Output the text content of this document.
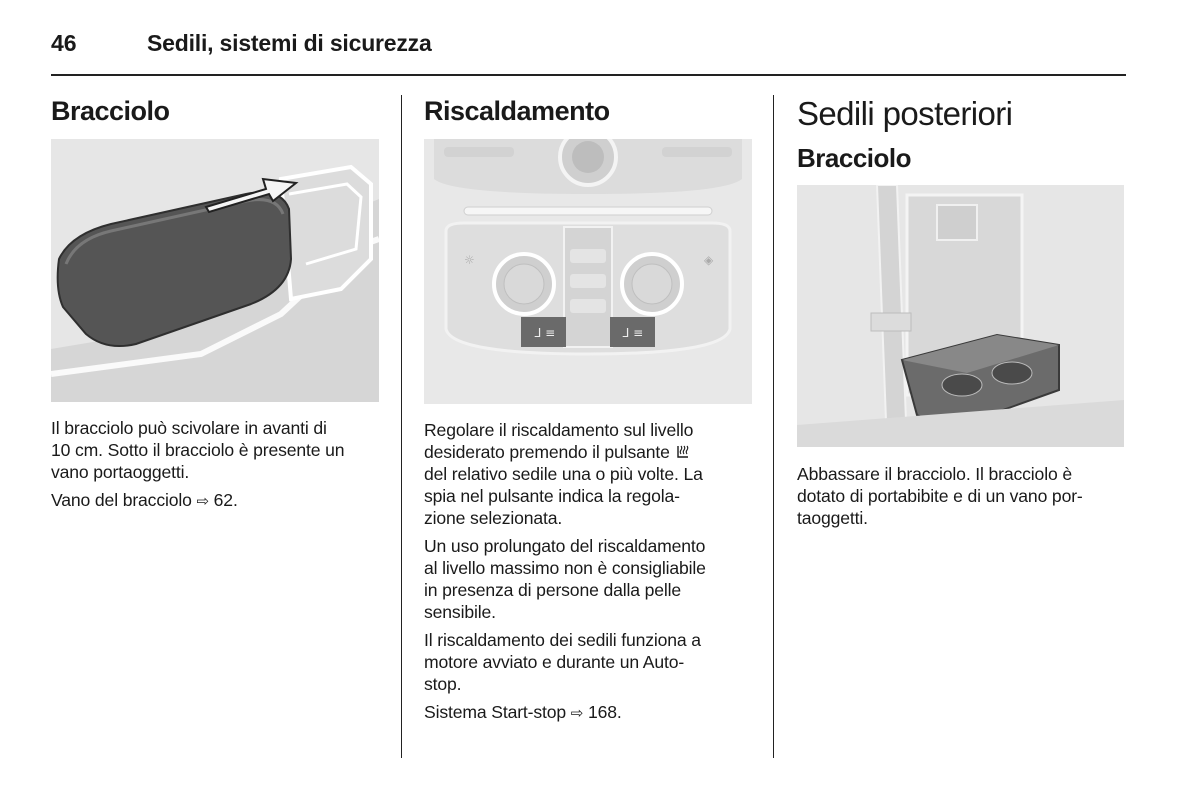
46	Sedili, sistemi di sicurezza
Bracciolo

Il bracciolo può scivolare in avanti di
10 cm. Sotto il bracciolo è presente un
vano portaoggetti.

Vano del bracciolo ⇨ 62.

Riscaldamento
ᒧ ≡	ᒧ ≡
☼	◈

Regolare il riscaldamento sul livello
desiderato premendo il pulsante
del relativo sedile una o più volte. La
spia nel pulsante indica la regola‐
zione selezionata.

Un uso prolungato del riscaldamento
al livello massimo non è consigliabile
in presenza di persone dalla pelle
sensibile.

Il riscaldamento dei sedili funziona a
motore avviato e durante un Auto‐
stop.

Sistema Start-stop ⇨ 168.

Sedili posteriori
Bracciolo

Abbassare il bracciolo. Il bracciolo è
dotato di portabibite e di un vano por‐
taoggetti.
